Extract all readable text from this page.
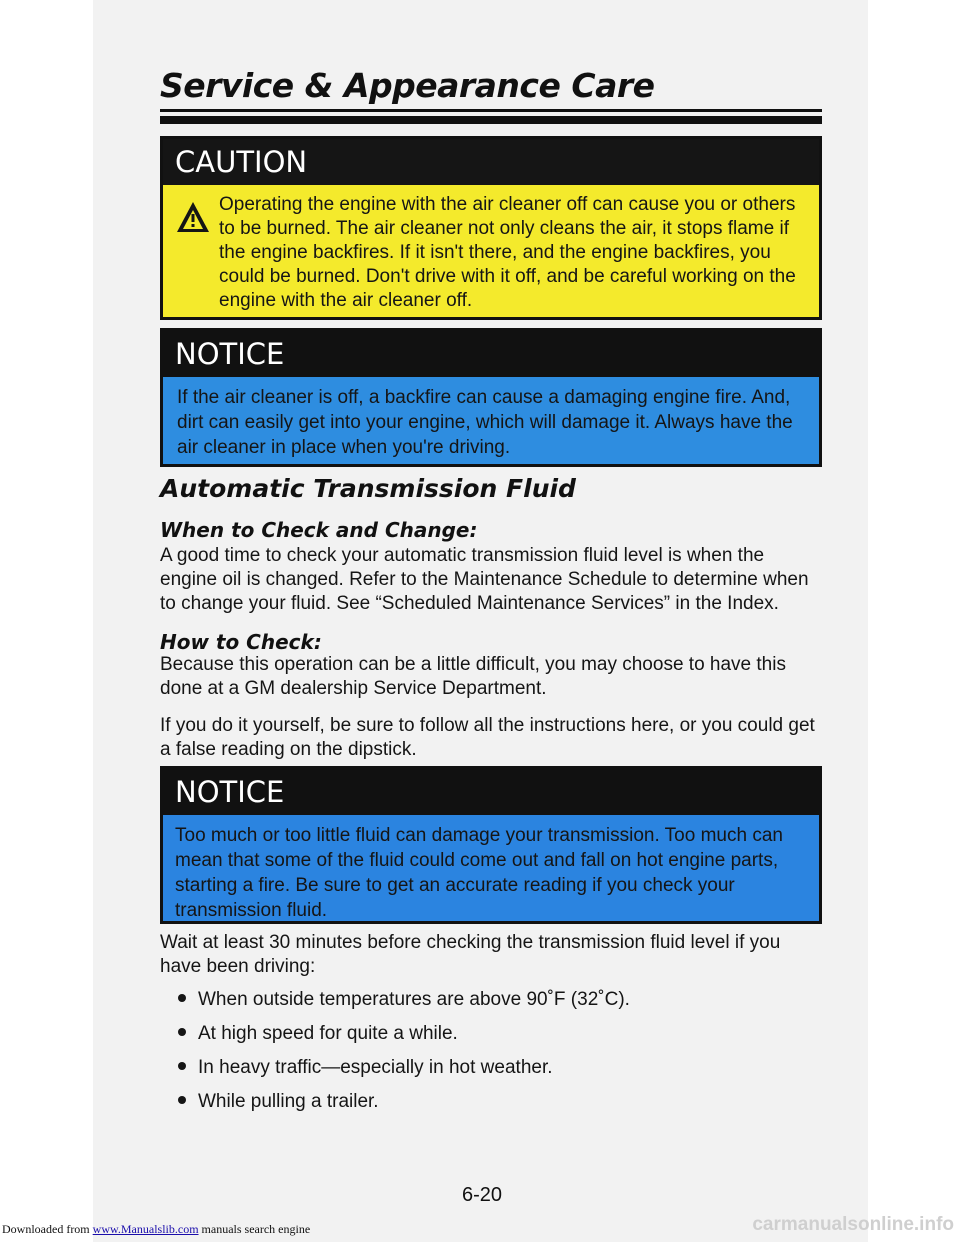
Service & Appearance Care
CAUTION
Operating the engine with the air cleaner off can cause you or others to be burned. The air cleaner not only cleans the air, it stops flame if the engine backfires. If it isn't there, and the engine backfires, you could be burned. Don't drive with it off, and be careful working on the engine with the air cleaner off.
NOTICE
If the air cleaner is off, a backfire can cause a damaging engine fire. And, dirt can easily get into your engine, which will damage it. Always have the air cleaner in place when you're driving.
Automatic Transmission Fluid
When to Check and Change:
A good time to check your automatic transmission fluid level is when the engine oil is changed. Refer to the Maintenance Schedule to determine when to change your fluid. See “Scheduled Maintenance Services” in the Index.
How to Check:
Because this operation can be a little difficult, you may choose to have this done at a GM dealership Service Department.
If you do it yourself, be sure to follow all the instructions here, or you could get a false reading on the dipstick.
NOTICE
Too much or too little fluid can damage your transmission. Too much can mean that some of the fluid could come out and fall on hot engine parts, starting a fire. Be sure to get an accurate reading if you check your transmission fluid.
Wait at least 30 minutes before checking the transmission fluid level if you have been driving:
When outside temperatures are above 90˚F (32˚C).
At high speed for quite a while.
In heavy traffic—especially in hot weather.
While pulling a trailer.
6-20
Downloaded from www.Manualslib.com manuals search engine	carmanualsonline.info
